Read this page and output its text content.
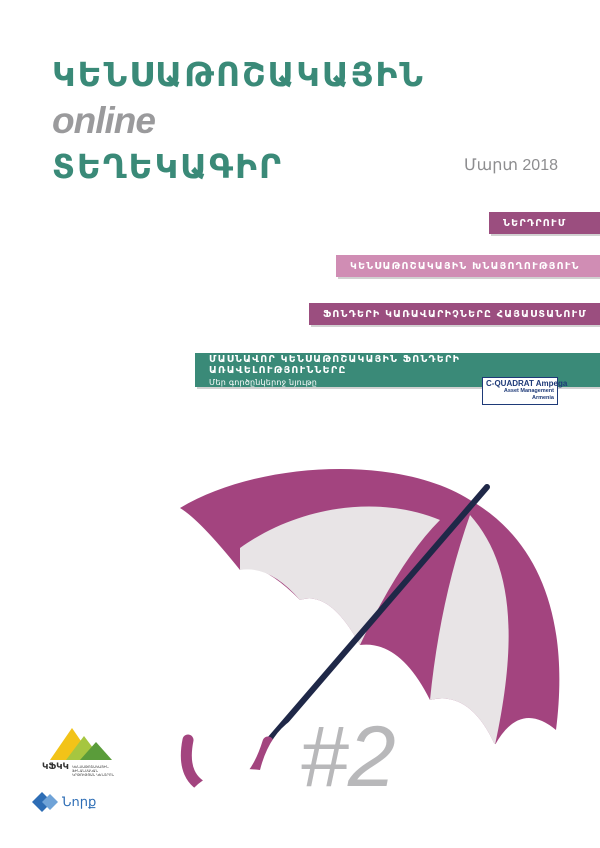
ԿԵՆՍԱԹՈՇԱԿԱՅԻՆ
online
ՏԵՂԵԿԱԳԻՐ	Մարտ 2018
ՆԵՐԴՐՈՒՄ
ԿԵՆՍԱԹՈՇԱԿԱՅԻՆ ԽՆԱՅՈՂՈՒԹՅՈՒՆ
ՖՈՆԴԵՐԻ ԿԱՌԱՎԱՐԻՉՆԵՐԸ ՀԱՅԱՍՏԱՆՈՒՄ
ՄԱՍՆԱՎՈՐ ԿԵՆՍԱԹՈՇԱԿԱՅԻՆ ՖՈՆԴԵՐԻ ԱՌԱՎԵԼՈՒԹՅՈՒՆՆԵՐԸ
Մեր գործընկերոջ նյութը	C-QUADRAT Ampega
Asset Management
Armenia
#2
ԿՖԿԿ ԿԵՆՍԱԹՈՇԱԿԱՅԻՆ ՖԻՆԱՆՍԱԿԱՆ ԿՐԹՈՒԹՅԱՆ ԿԵՆՏՐՈՆ
Նորք
